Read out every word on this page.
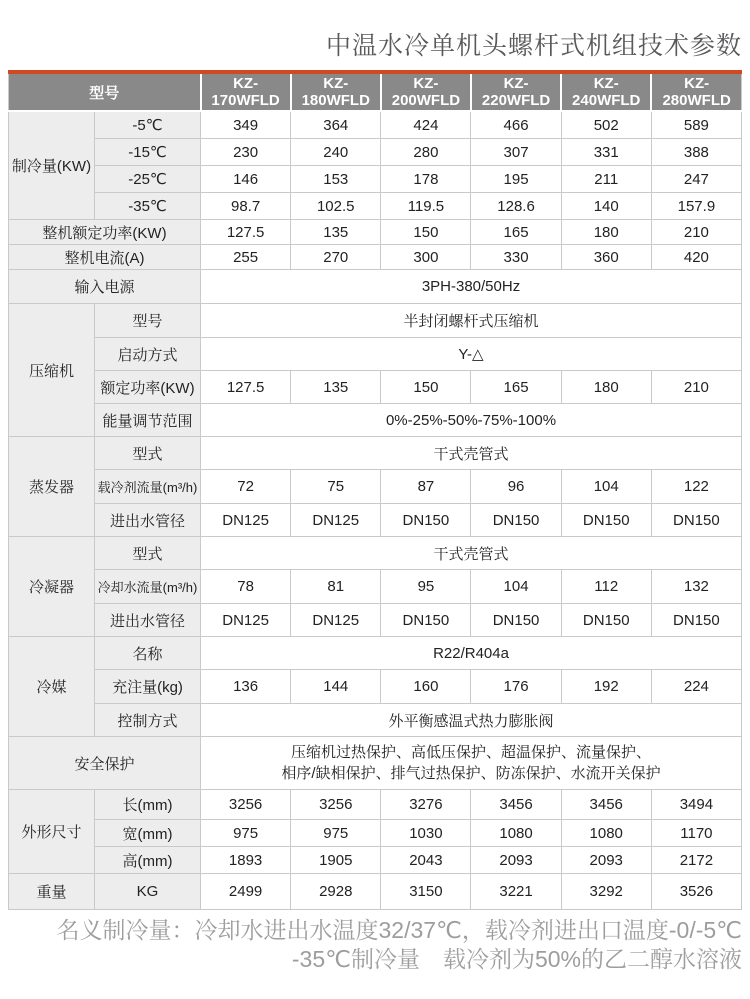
中温水冷单机头螺杆式机组技术参数
型号		KZ-170WFLD	KZ-180WFLD	KZ-200WFLD	KZ-220WFLD	KZ-240WFLD	KZ-280WFLD
制冷量(KW)	-5℃	349	364	424	466	502	589
	-15℃	230	240	280	307	331	388
	-25℃	146	153	178	195	211	247
	-35℃	98.7	102.5	119.5	128.6	140	157.9
整机额定功率(KW)		127.5	135	150	165	180	210
整机电流(A)		255	270	300	330	360	420
输入电源		3PH-380/50Hz					
压缩机	型号	半封闭螺杆式压缩机					
	启动方式	Y-△					
	额定功率(KW)	127.5	135	150	165	180	210
	能量调节范围	0%-25%-50%-75%-100%					
蒸发器	型式	干式壳管式					
	载冷剂流量(m³/h)	72	75	87	96	104	122
	进出水管径	DN125	DN125	DN150	DN150	DN150	DN150
冷凝器	型式	干式壳管式					
	冷却水流量(m³/h)	78	81	95	104	112	132
	进出水管径	DN125	DN125	DN150	DN150	DN150	DN150
冷媒	名称	R22/R404a					
	充注量(kg)	136	144	160	176	192	224
	控制方式	外平衡感温式热力膨胀阀					
安全保护		压缩机过热保护、高低压保护、超温保护、流量保护、
相序/缺相保护、排气过热保护、防冻保护、水流开关保护					

外形尺寸	长(mm)	3256	3256	3276	3456	3456	3494
	宽(mm)	975	975	1030	1080	1080	1170
	高(mm)	1893	1905	2043	2093	2093	2172
重量	KG	2499	2928	3150	3221	3292	3526
名义制冷量：冷却水进出水温度32/37℃，载冷剂进出口温度-0/-5℃
-35℃制冷量　载冷剂为50%的乙二醇水溶液
